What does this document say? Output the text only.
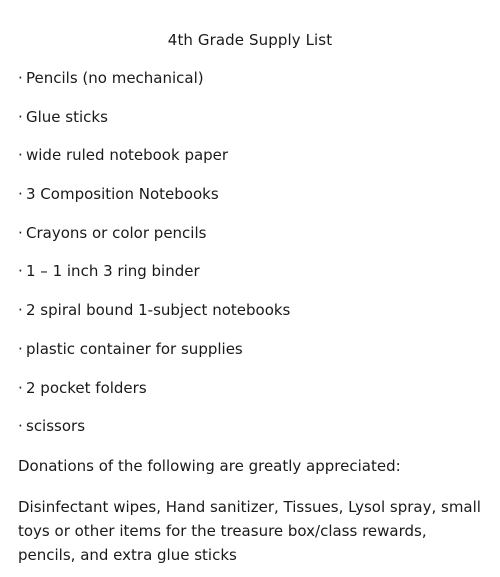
4th Grade Supply List
· Pencils (no mechanical)
· Glue sticks
· wide ruled notebook paper
· 3 Composition Notebooks
· Crayons or color pencils
· 1 – 1 inch 3 ring binder
· 2 spiral bound 1-subject notebooks
· plastic container for supplies
· 2 pocket folders
· scissors
Donations of the following are greatly appreciated:
Disinfectant wipes, Hand sanitizer, Tissues, Lysol spray, small toys or other items for the treasure box/class rewards, pencils, and extra glue sticks
